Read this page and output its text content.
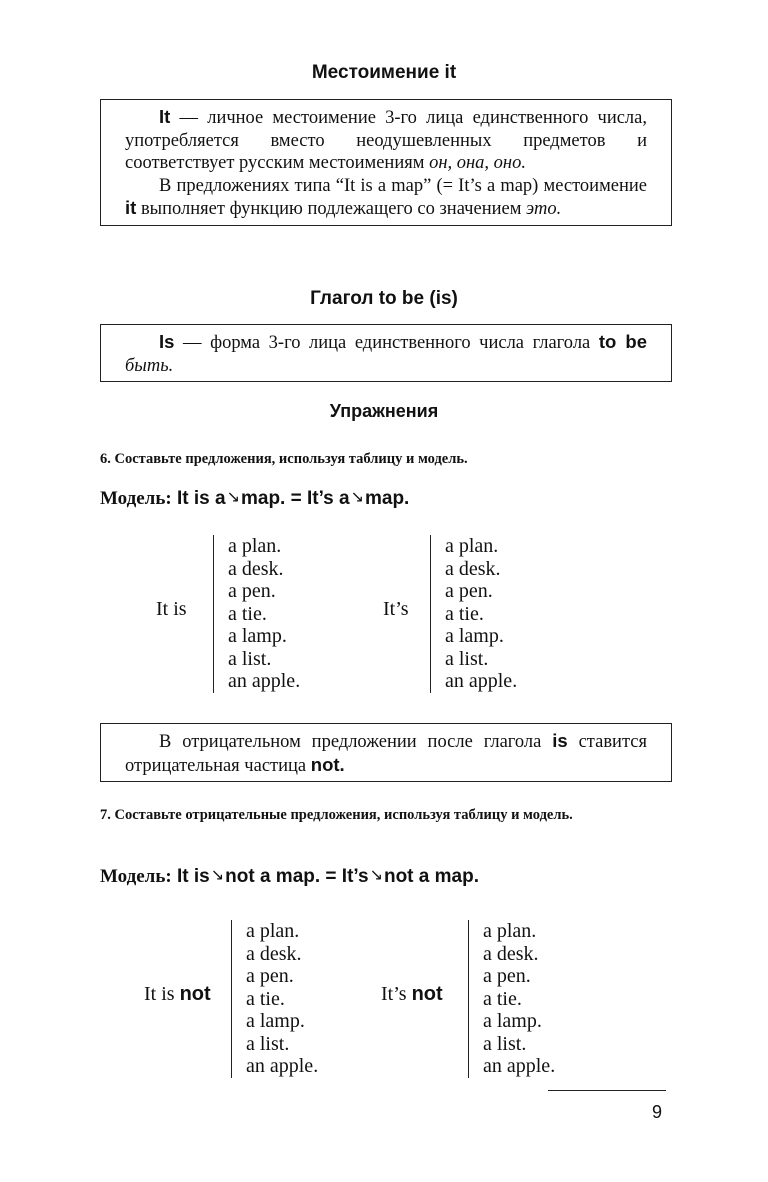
Местоимение it

It — личное местоимение 3-го лица единственного числа, употребляется вместо неодушевленных предметов и соответствует русским местоимениям он, она, оно.

В предложениях типа “It is a map” (= It’s a map) местоимение it выполняет функцию подлежащего со значением это.

Глагол to be (is)

Is — форма 3-го лица единственного числа глагола to be быть.

Упражнения
6. Составьте предложения, используя таблицу и модель.
Модель: It is a↘map. = It’s a↘map.
It is
a plan.
a desk.
a pen.
a tie.
a lamp.
a list.
an apple.
It’s
a plan.
a desk.
a pen.
a tie.
a lamp.
a list.
an apple.

В отрицательном предложении после глагола is ставится отрицательная частица not.

7. Составьте отрицательные предложения, используя таблицу и модель.
Модель: It is↘not a map. = It’s↘not a map.
It is not
a plan.
a desk.
a pen.
a tie.
a lamp.
a list.
an apple.
It’s not
a plan.
a desk.
a pen.
a tie.
a lamp.
a list.
an apple.
9
